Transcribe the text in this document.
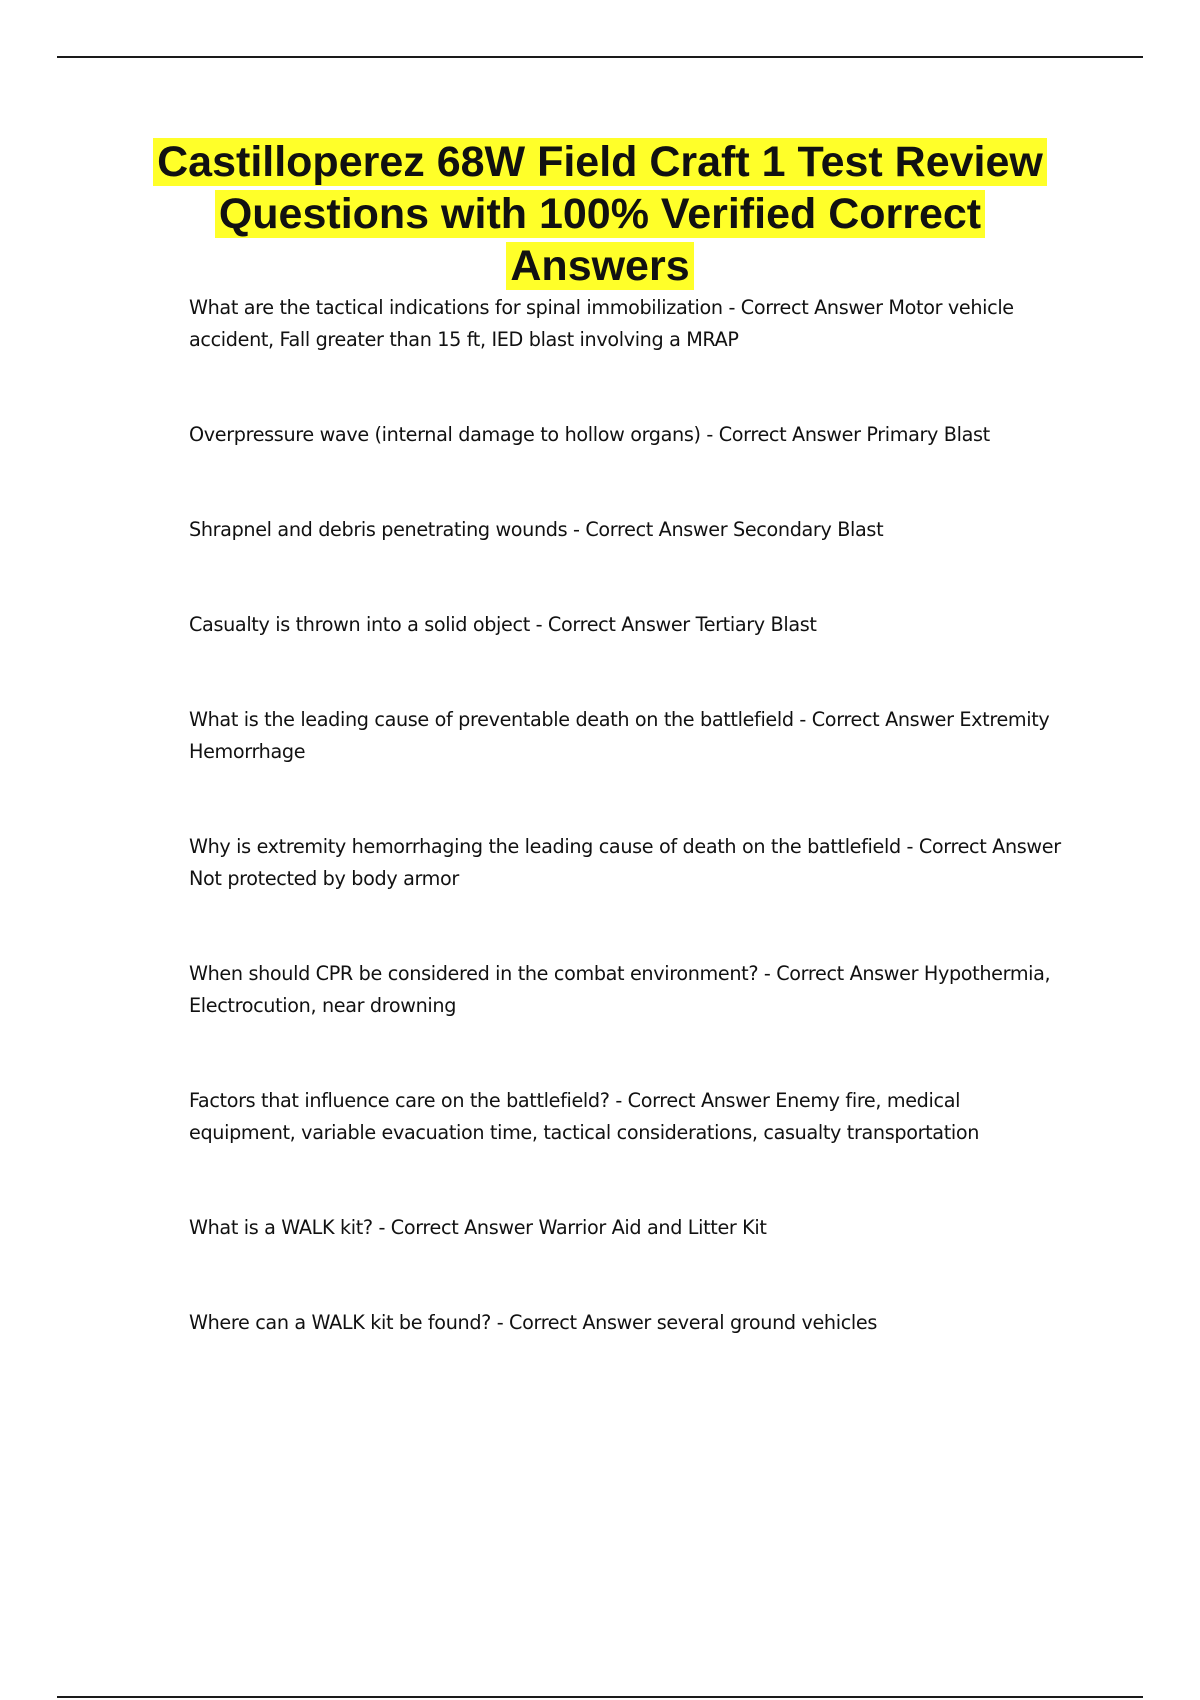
Castilloperez 68W Field Craft 1 Test Review Questions with 100% Verified Correct Answers
What are the tactical indications for spinal immobilization - Correct Answer Motor vehicle accident, Fall greater than 15 ft, IED blast involving a MRAP
Overpressure wave (internal damage to hollow organs) - Correct Answer Primary Blast
Shrapnel and debris penetrating wounds - Correct Answer Secondary Blast
Casualty is thrown into a solid object - Correct Answer Tertiary Blast
What is the leading cause of preventable death on the battlefield - Correct Answer Extremity Hemorrhage
Why is extremity hemorrhaging the leading cause of death on the battlefield - Correct Answer Not protected by body armor
When should CPR be considered in the combat environment? - Correct Answer Hypothermia, Electrocution, near drowning
Factors that influence care on the battlefield? - Correct Answer Enemy fire, medical equipment, variable evacuation time, tactical considerations, casualty transportation
What is a WALK kit? - Correct Answer Warrior Aid and Litter Kit
Where can a WALK kit be found? - Correct Answer several ground vehicles
